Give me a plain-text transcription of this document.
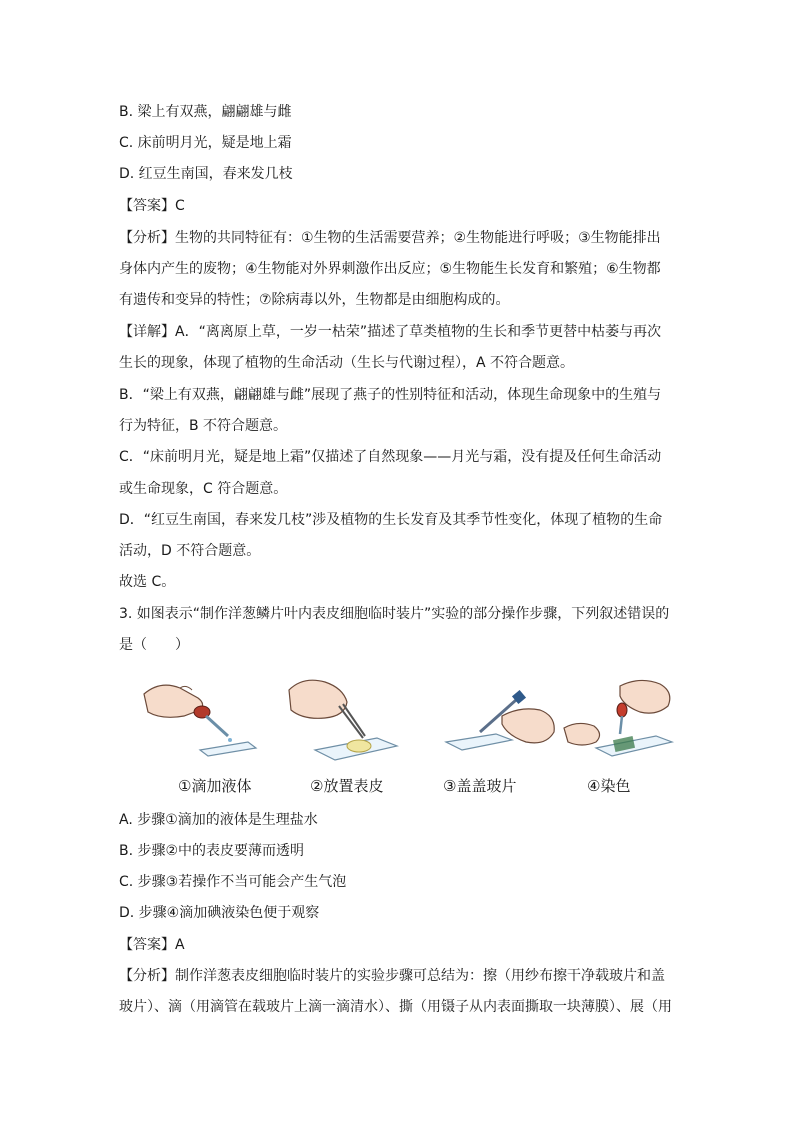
B. 梁上有双燕，翩翩雄与雌
C. 床前明月光，疑是地上霜
D. 红豆生南国，春来发几枝
【答案】C
【分析】生物的共同特征有：①生物的生活需要营养；②生物能进行呼吸；③生物能排出
身体内产生的废物；④生物能对外界刺激作出反应；⑤生物能生长发育和繁殖；⑥生物都
有遗传和变异的特性；⑦除病毒以外，生物都是由细胞构成的。
【详解】A．“离离原上草，一岁一枯荣”描述了草类植物的生长和季节更替中枯萎与再次
生长的现象，体现了植物的生命活动（生长与代谢过程），A 不符合题意。
B．“梁上有双燕，翩翩雄与雌”展现了燕子的性别特征和活动，体现生命现象中的生殖与
行为特征，B 不符合题意。
C．“床前明月光，疑是地上霜”仅描述了自然现象——月光与霜，没有提及任何生命活动
或生命现象，C 符合题意。
D．“红豆生南国，春来发几枝”涉及植物的生长发育及其季节性变化，体现了植物的生命
活动，D 不符合题意。
故选 C。
3. 如图表示“制作洋葱鳞片叶内表皮细胞临时装片”实验的部分操作步骤，下列叙述错误的
是（　　）
①滴加液体	②放置表皮	③盖盖玻片	④染色
A. 步骤①滴加的液体是生理盐水
B. 步骤②中的表皮要薄而透明
C. 步骤③若操作不当可能会产生气泡
D. 步骤④滴加碘液染色便于观察
【答案】A
【分析】制作洋葱表皮细胞临时装片的实验步骤可总结为：擦（用纱布擦干净载玻片和盖
玻片）、滴（用滴管在载玻片上滴一滴清水）、撕（用镊子从内表面撕取一块薄膜）、展（用
